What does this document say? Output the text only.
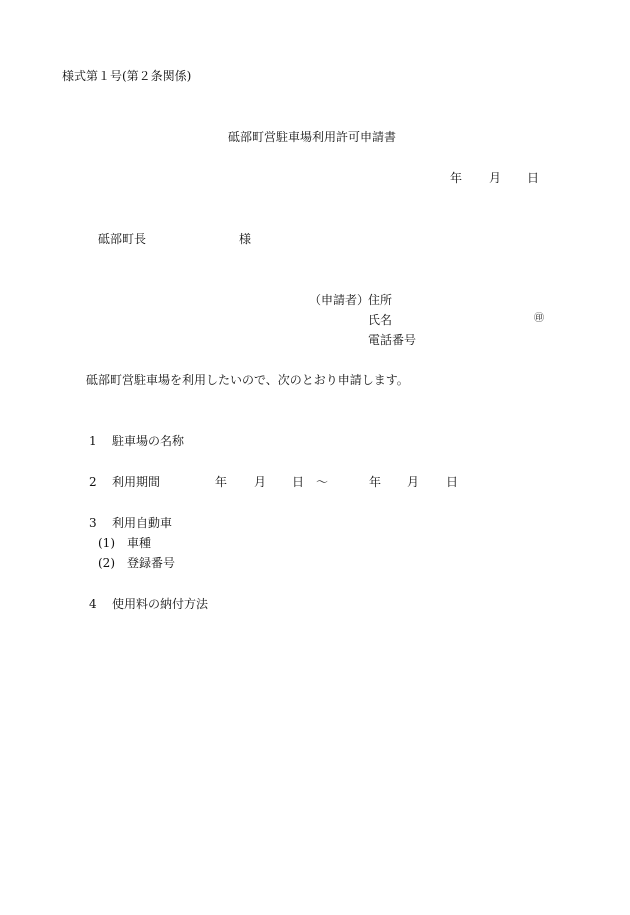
様式第１号(第２条関係)
砥部町営駐車場利用許可申請書
年 月 日
砥部町長	様
（申請者）
住所
氏名	㊞
電話番号
砥部町営駐車場を利用したいので、次のとおり申請します。
1 駐車場の名称
2 利用期間	年 月 日 ～	年 月 日
3 利用自動車
(1) 車種
(2) 登録番号
4 使用料の納付方法
